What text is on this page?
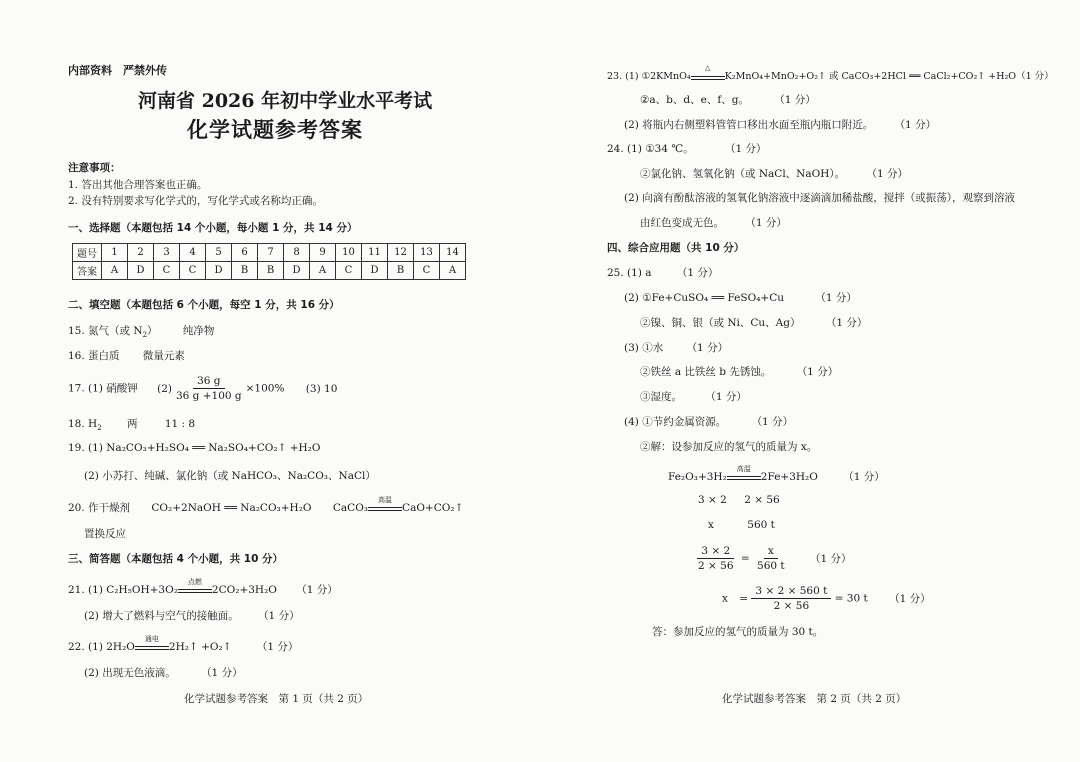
内部资料　严禁外传
河南省 2026 年初中学业水平考试
化学试题参考答案
注意事项：
1. 答出其他合理答案也正确。
2. 没有特别要求写化学式的，写化学式或名称均正确。
一、选择题（本题包括 14 个小题，每小题 1 分，共 14 分）
题号	1	2	3	4	5	6	7	8	9	10	11	12	13	14
答案	A	D	C	C	D	B	B	D	A	C	D	B	C	A
二、填空题（本题包括 6 个小题，每空 1 分，共 16 分）
15. 氮气（或 $N_2$） 纯净物
16. 蛋白质 微量元素
17. (1) 硝酸钾 $(2) \frac{36 g}{36 g +100 g} \times 100\%$ (3) 10
18. $H_2$ 两	11 : 8
19. (1) Na₂CO₃+H₂SO₄ ══ Na₂SO₄+CO₂↑ +H₂O
(2) 小苏打、纯碱、氯化钠（或 NaHCO₃、Na₂CO₃、NaCl）
20. 作干燥剂 CO₂+2NaOH ══ Na₂CO₃+H₂O CaCO₃
高温
CaO+CO₂↑
置换反应
三、简答题（本题包括 4 个小题，共 10 分）
21. (1) C₂H₅OH+3O₂
点燃
2CO₂+3H₂O （1 分）
(2) 增大了燃料与空气的接触面。 （1 分）
22. (1) 2H₂O
通电
2H₂↑ +O₂↑ （1 分）
(2) 出现无色液滴。 （1 分）
化学试题参考答案　第 1 页（共 2 页）
23. (1) ①2KMnO₄
△
K₂MnO₄+MnO₂+O₂↑ 或 CaCO₃+2HCl ══ CaCl₂+CO₂↑ +H₂O（1 分）
②a、b、d、e、f、g。 （1 分）
(2) 将瓶内右侧塑料管管口移出水面至瓶内瓶口附近。 （1 分）
24. (1) ①34 ℃。	（1 分）
②氯化钠、氢氧化钠（或 NaCl、NaOH）。 （1 分）
(2) 向滴有酚酞溶液的氢氧化钠溶液中逐滴滴加稀盐酸，搅拌（或振荡），观察到溶液
由红色变成无色。 （1 分）
四、综合应用题（共 10 分）
25. (1) a （1 分）
(2) ①Fe+CuSO₄ ══ FeSO₄+Cu	（1 分）
②镍、铜、银（或 Ni、Cu、Ag） （1 分）
(3) ①水 （1 分）
②铁丝 a 比铁丝 b 先锈蚀。 （1 分）
③湿度。 （1 分）
(4) ①节约金属资源。 （1 分）
②解：设参加反应的氢气的质量为 x。
Fe₂O₃+3H₂
高温
2Fe+3H₂O （1 分）
3 × 2 2 × 56
x	560 t
$\frac{3 \times 2}{2 \times 56} = \frac{x}{560 t} (1$ 分）
$x = \frac{3 \times 2 \times 560 t}{2 \times 56} = 30$ t （1 分）
答：参加反应的氢气的质量为 30 t。
化学试题参考答案　第 2 页（共 2 页）
